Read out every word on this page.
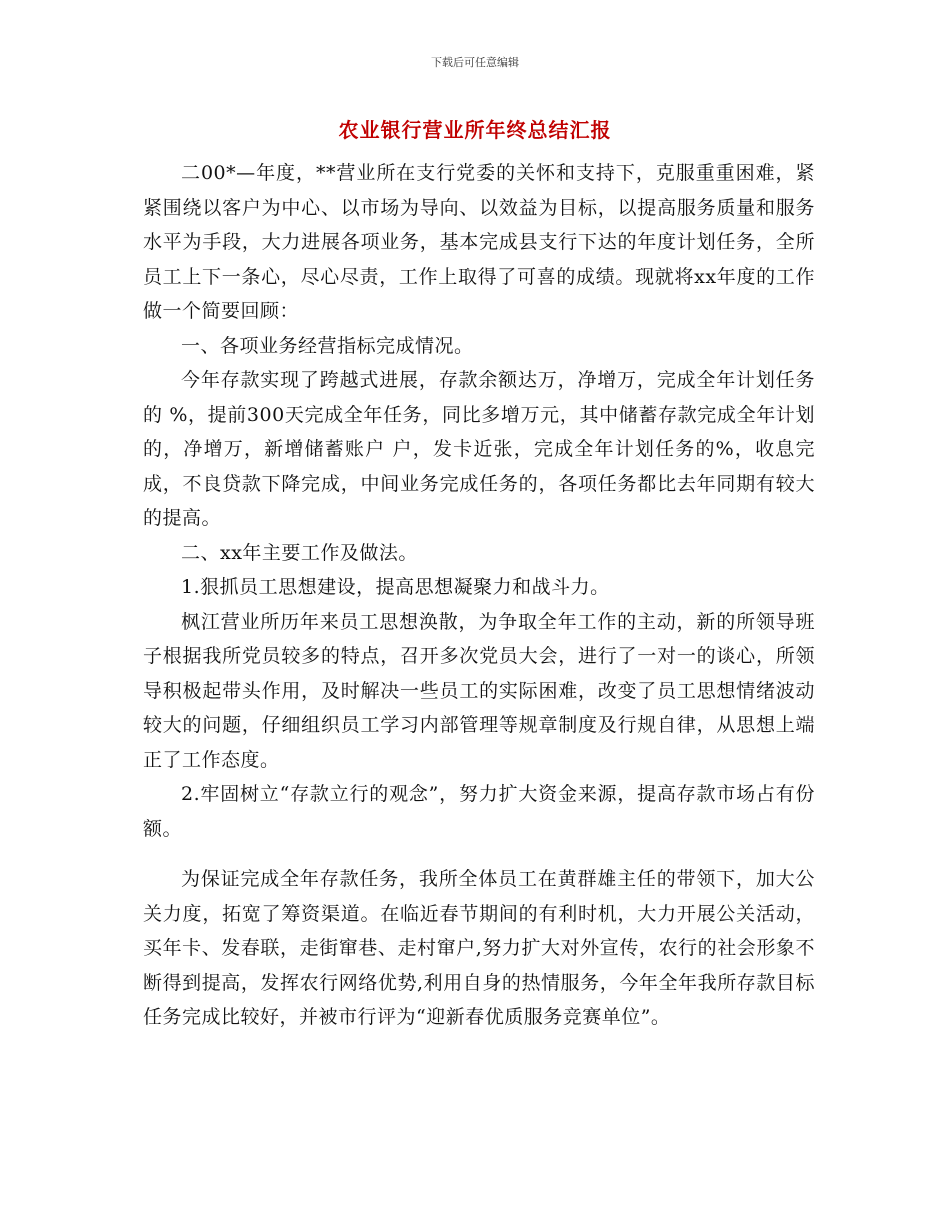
下载后可任意编辑
农业银行营业所年终总结汇报

二00*—年度，**营业所在支行党委的关怀和支持下，克服重重困难，紧紧围绕以客户为中心、以市场为导向、以效益为目标，以提高服务质量和服务水平为手段，大力进展各项业务，基本完成县支行下达的年度计划任务，全所员工上下一条心，尽心尽责，工作上取得了可喜的成绩。现就将xx年度的工作做一个简要回顾：

一、各项业务经营指标完成情况。

今年存款实现了跨越式进展，存款余额达万，净增万，完成全年计划任务的 %，提前300天完成全年任务，同比多增万元，其中储蓄存款完成全年计划的，净增万，新增储蓄账户 户，发卡近张，完成全年计划任务的%，收息完成，不良贷款下降完成，中间业务完成任务的，各项任务都比去年同期有较大的提高。

二、xx年主要工作及做法。

1.狠抓员工思想建设，提高思想凝聚力和战斗力。

枫江营业所历年来员工思想涣散，为争取全年工作的主动，新的所领导班子根据我所党员较多的特点，召开多次党员大会，进行了一对一的谈心，所领导积极起带头作用，及时解决一些员工的实际困难，改变了员工思想情绪波动较大的问题，仔细组织员工学习内部管理等规章制度及行规自律，从思想上端正了工作态度。

2.牢固树立“存款立行的观念”，努力扩大资金来源，提高存款市场占有份额。

为保证完成全年存款任务，我所全体员工在黄群雄主任的带领下，加大公关力度，拓宽了筹资渠道。在临近春节期间的有利时机，大力开展公关活动，买年卡、发春联，走街窜巷、走村窜户,努力扩大对外宣传，农行的社会形象不断得到提高，发挥农行网络优势,利用自身的热情服务，今年全年我所存款目标任务完成比较好，并被市行评为“迎新春优质服务竞赛单位”。
